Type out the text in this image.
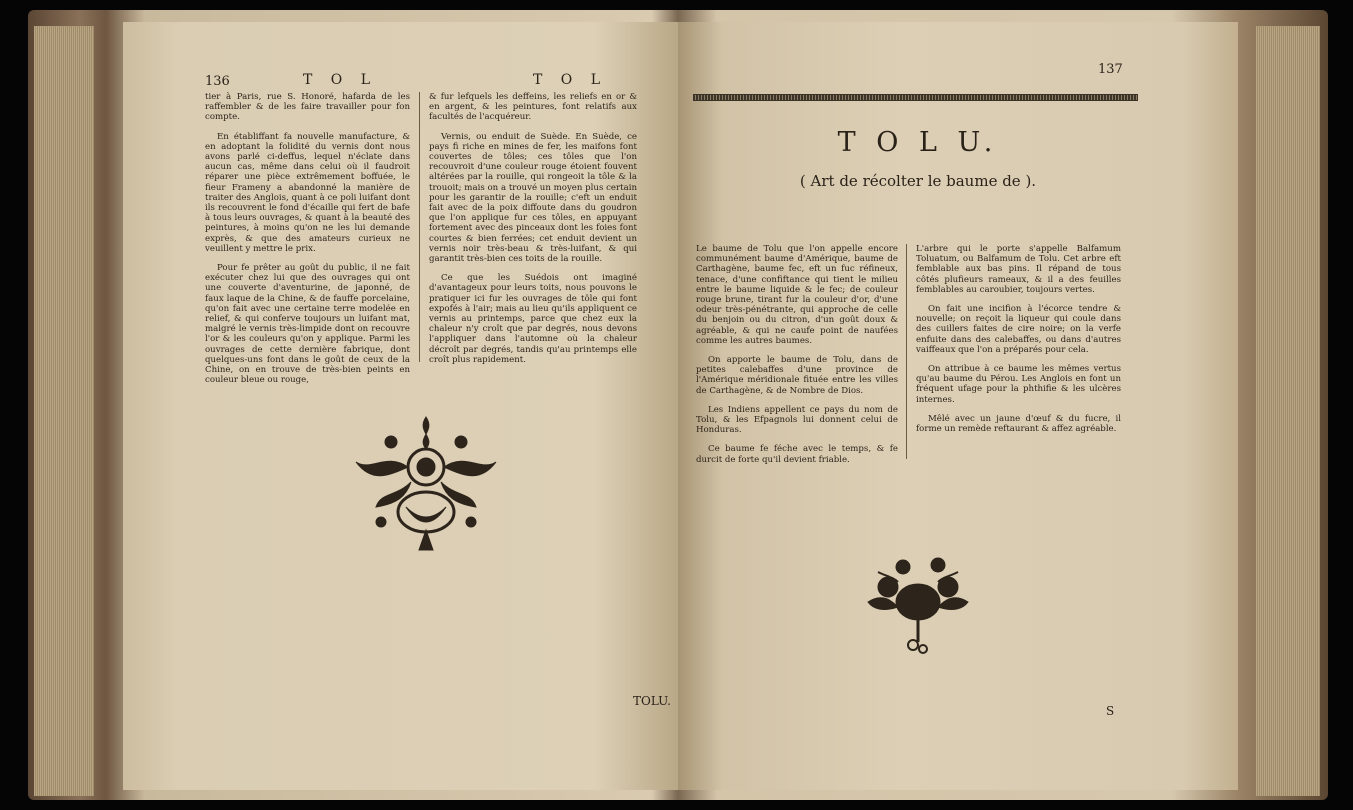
136	T O L	T O L

tier à Paris, rue S. Honoré, hafarda de les raffembler & de les faire travailler pour fon compte.

En établiffant fa nouvelle manufacture, & en adoptant la folidité du vernis dont nous avons parlé ci-deffus, lequel n'éclate dans aucun cas, même dans celui où il faudroit réparer une pièce extrêmement boffuée, le fieur Frameny a abandonné la manière de traiter des Anglois, quant à ce poli luifant dont ils recouvrent le fond d'écaille qui fert de bafe à tous leurs ouvrages, & quant à la beauté des peintures, à moins qu'on ne les lui demande exprès, & que des amateurs curieux ne veuillent y mettre le prix.

Pour fe prêter au goût du public, il ne fait exécuter chez lui que des ouvrages qui ont une couverte d'aventurine, de japonné, de faux laque de la Chine, & de fauffe porcelaine, qu'on fait avec une certaine terre modelée en relief, & qui conferve toujours un luifant mat, malgré le vernis très-limpide dont on recouvre l'or & les couleurs qu'on y applique. Parmi les ouvrages de cette dernière fabrique, dont quelques-uns font dans le goût de ceux de la Chine, on en trouve de très-bien peints en couleur bleue ou rouge,

& fur lefquels les deffeins, les reliefs en or & en argent, & les peintures, font relatifs aux facultés de l'acquéreur.

Vernis, ou enduit de Suède. En Suède, ce pays fi riche en mines de fer, les maifons font couvertes de tôles; ces tôles que l'on recouvroit d'une couleur rouge étoient fouvent altérées par la rouille, qui rongeoit la tôle & la trouoit; mais on a trouvé un moyen plus certain pour les garantir de la rouille; c'eft un enduit fait avec de la poix diffoute dans du goudron que l'on applique fur ces tôles, en appuyant fortement avec des pinceaux dont les foies font courtes & bien ferrées; cet enduit devient un vernis noir très-beau & très-luifant, & qui garantit très-bien ces toits de la rouille.

Ce que les Suédois ont imaginé d'avantageux pour leurs toits, nous pouvons le pratiquer ici fur les ouvrages de tôle qui font expofés à l'air; mais au lieu qu'ils appliquent ce vernis au printemps, parce que chez eux la chaleur n'y croît que par degrés, nous devons l'appliquer dans l'automne où la chaleur décroît par degrés, tandis qu'au printemps elle croît plus rapidement.

TOLU.
137
T O L U.
( Art de récolter le baume de ).

Le baume de Tolu que l'on appelle encore communément baume d'Amérique, baume de Carthagène, baume fec, eft un fuc réfineux, tenace, d'une confiftance qui tient le milieu entre le baume liquide & le fec; de couleur rouge brune, tirant fur la couleur d'or, d'une odeur très-pénétrante, qui approche de celle du benjoin ou du citron, d'un goût doux & agréable, & qui ne caufe point de naufées comme les autres baumes.

On apporte le baume de Tolu, dans de petites calebaffes d'une province de l'Amérique méridionale fituée entre les villes de Carthagène, & de Nombre de Dios.

Les Indiens appellent ce pays du nom de Tolu, & les Efpagnols lui donnent celui de Honduras.

Ce baume fe féche avec le temps, & fe durcit de forte qu'il devient friable.

L'arbre qui le porte s'appelle Balfamum Toluatum, ou Balfamum de Tolu. Cet arbre eft femblable aux bas pins. Il répand de tous côtés plufieurs rameaux, & il a des feuilles femblables au caroubier, toujours vertes.

On fait une incifion à l'écorce tendre & nouvelle; on reçoit la liqueur qui coule dans des cuillers faites de cire noire; on la verfe enfuite dans des calebaffes, ou dans d'autres vaiffeaux que l'on a préparés pour cela.

On attribue à ce baume les mêmes vertus qu'au baume du Pérou. Les Anglois en font un fréquent ufage pour la phthifie & les ulcères internes.

Mêlé avec un jaune d'œuf & du fucre, il forme un remède reftaurant & affez agréable.

S
